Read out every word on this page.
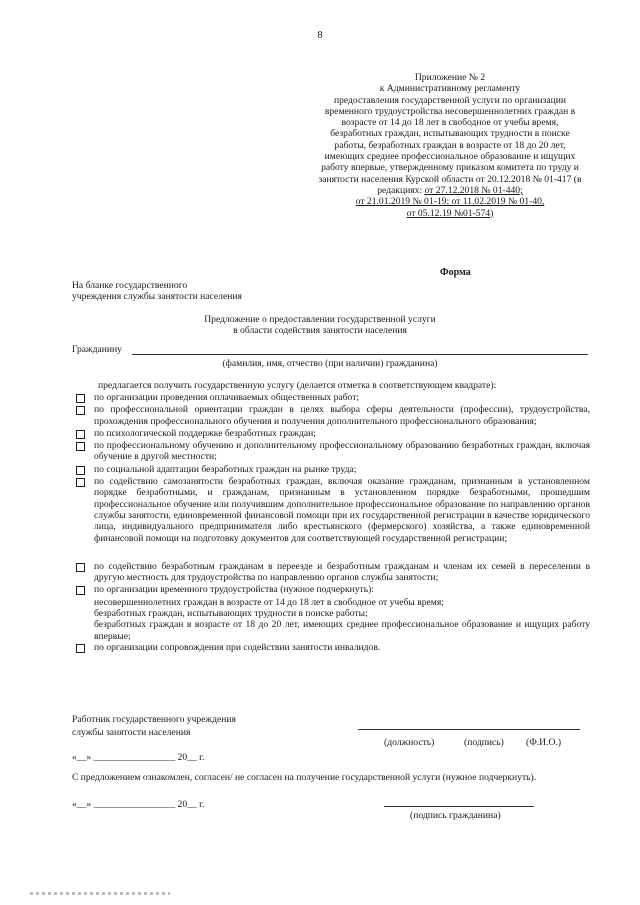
8
Приложение № 2
к Административному регламенту
предоставления государственной услуги по организации
временного трудоустройства несовершеннолетних граждан в
возрасте от 14 до 18 лет в свободное от учебы время,
безработных граждан, испытывающих трудности в поиске
работы, безработных граждан в возрасте от 18 до 20 лет,
имеющих среднее профессиональное образование и ищущих
работу впервые, утвержденному приказом комитета по труду и
занятости населения Курской области от 20.12.2018 № 01-417 (в
редакциях: от 27.12.2018 № 01-440;
от 21.01.2019 № 01-19; от 11.02.2019 № 01-40,
от 05.12.19 №01-574)
Форма
На бланке государственного
учреждения службы занятости населения
Предложение о предоставлении государственной услуги
в области содействия занятости населения
Гражданину
(фамилия, имя, отчество (при наличии) гражданина)
предлагается получить государственную услугу (делается отметка в соответствующем квадрате):
по организации проведения оплачиваемых общественных работ;
по профессиональной ориентации граждан в целях выбора сферы деятельности (профессии), трудоустройства, прохождения профессионального обучения и получения дополнительного профессионального образования;
по психологической поддержке безработных граждан;
по профессиональному обучению и дополнительному профессиональному образованию безработных граждан, включая обучение в другой местности;
по социальной адаптации безработных граждан на рынке труда;
по содействию самозанятости безработных граждан, включая оказание гражданам, признанным в установленном порядке безработными, и гражданам, признанным в установленном порядке безработными, прошедшим профессиональное обучение или получившим дополнительное профессиональное образование по направлению органов службы занятости, единовременной финансовой помощи при их государственной регистрации в качестве юридического лица, индивидуального предпринимателя либо крестьянского (фермерского) хозяйства, а также единовременной финансовой помощи на подготовку документов для соответствующей государственной регистрации;
по содействию безработным гражданам в переезде и безработным гражданам и членам их семей в переселении в другую местность для трудоустройства по направлению органов службы занятости;
по организации временного трудоустройства (нужное подчеркнуть):
несовершеннолетних граждан в возрасте от 14 до 18 лет в свободное от учебы время;
безработных граждан, испытывающих трудности в поиске работы;
безработных граждан в возрасте от 18 до 20 лет, имеющих среднее профессиональное образование и ищущих работу впервые;
по организации сопровождения при содействии занятости инвалидов.
Работник государственного учреждения
службы занятости населения
(должность)	(подпись) (Ф.И.О.)
«__» _________________ 20__ г.
С предложением ознакомлен, согласен/ не согласен на получение государственной услуги (нужное подчеркнуть).
«__» _________________ 20__ г.
(подпись гражданина)
